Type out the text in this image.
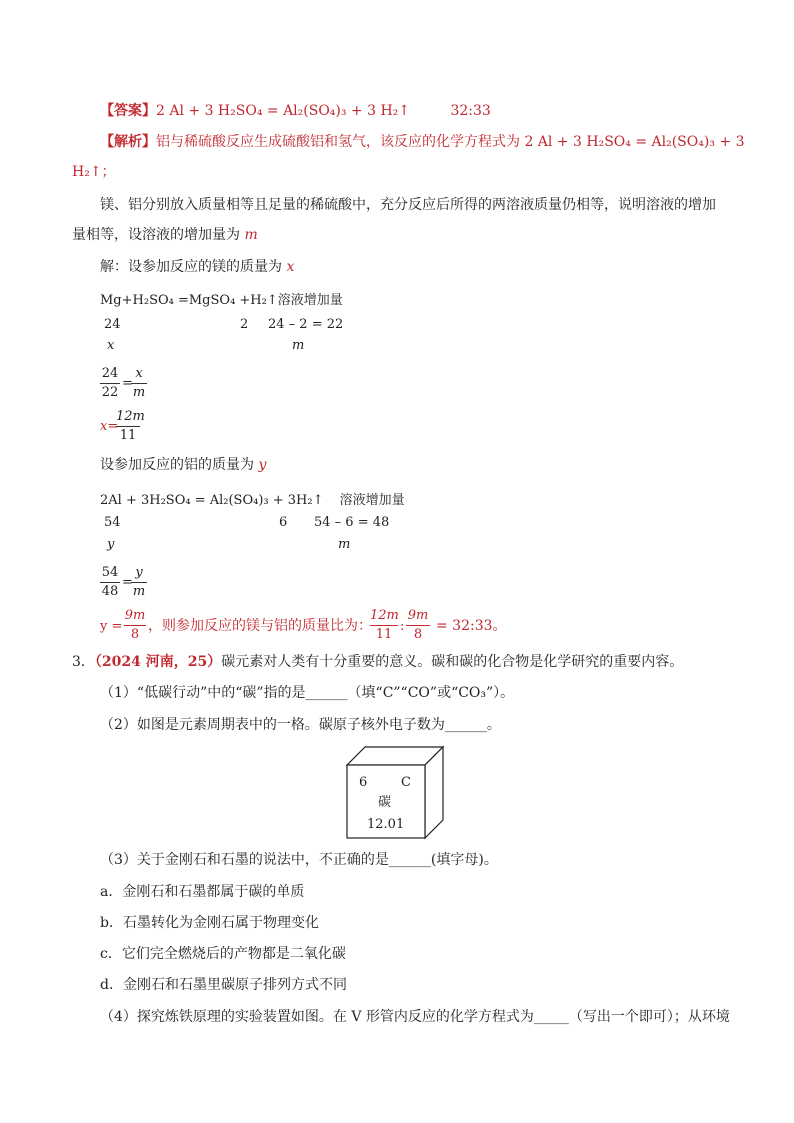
【答案】2 Al + 3 H₂SO₄ = Al₂(SO₄)₃ + 3 H₂↑	32:33
【解析】铝与稀硫酸反应生成硫酸铝和氢气，该反应的化学方程式为 2 Al + 3 H₂SO₄ = Al₂(SO₄)₃ + 3
H₂↑；
镁、铝分别放入质量相等且足量的稀硫酸中，充分反应后所得的两溶液质量仍相等，说明溶液的增加
量相等，设溶液的增加量为 m
解：设参加反应的镁的质量为 x
Mg+H₂SO₄ =MgSO₄ +H₂↑溶液增加量
24	2 24 – 2 = 22
x	m
24
22
=
x
m
x=
12m
11
设参加反应的铝的质量为 y
2Al + 3H₂SO₄ = Al₂(SO₄)₃ + 3H₂↑ 溶液增加量
54	6 54 – 6 = 48
y	m
54
48
=
y
m
y =
9m
8
，则参加反应的镁与铝的质量比为：
12m
11
:
9m
8
= 32:33。
3．（2024 河南，25）碳元素对人类有十分重要的意义。碳和碳的化合物是化学研究的重要内容。
（1）“低碳行动”中的“碳”指的是______（填“C”“CO”或“CO₃”）。
（2）如图是元素周期表中的一格。碳原子核外电子数为______。
6	C
碳
12.01
（3）关于金刚石和石墨的说法中，不正确的是______(填字母)。
a．金刚石和石墨都属于碳的单质
b．石墨转化为金刚石属于物理变化
c．它们完全燃烧后的产物都是二氧化碳
d．金刚石和石墨里碳原子排列方式不同
（4）探究炼铁原理的实验装置如图。在 V 形管内反应的化学方程式为_____（写出一个即可）；从环境
